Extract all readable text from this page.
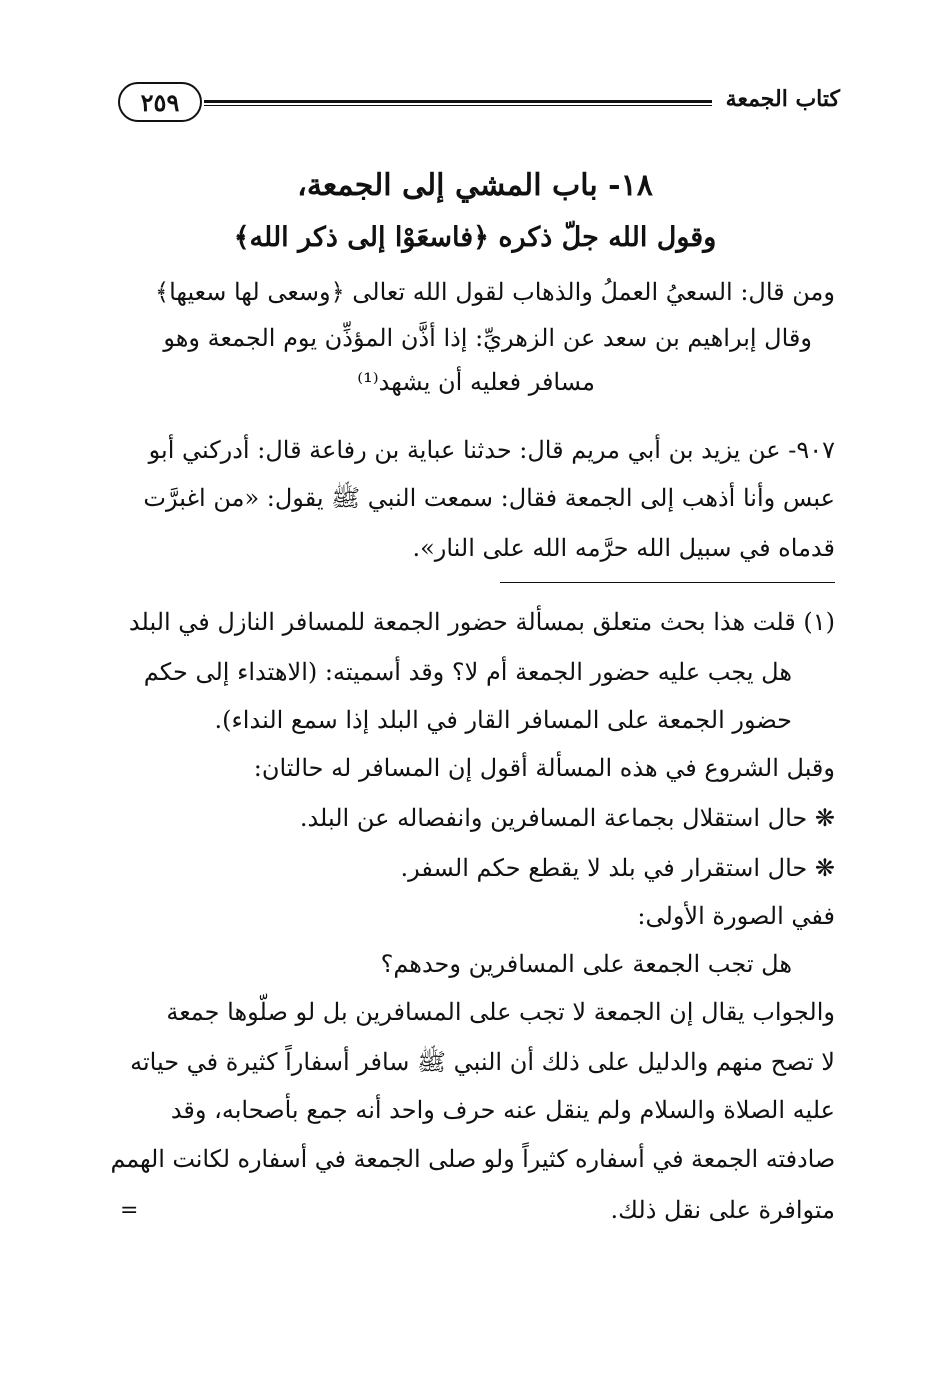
٢٥٩	كتاب الجمعة
١٨- باب المشي إلى الجمعة،
وقول الله جلّ ذكره ﴿فاسعَوْا إلى ذكر الله﴾
ومن قال: السعيُ العملُ والذهاب لقول الله تعالى ﴿وسعى لها سعيها﴾
وقال إبراهيم بن سعد عن الزهريِّ: إذا أذَّن المؤذِّن يوم الجمعة وهو
مسافر فعليه أن يشهد⁽¹⁾
٩٠٧- عن يزيد بن أبي مريم قال: حدثنا عباية بن رفاعة قال: أدركني أبو
عبس وأنا أذهب إلى الجمعة فقال: سمعت النبي ﷺ يقول: «من اغبرَّت
قدماه في سبيل الله حرَّمه الله على النار».
(١) قلت هذا بحث متعلق بمسألة حضور الجمعة للمسافر النازل في البلد
هل يجب عليه حضور الجمعة أم لا؟ وقد أسميته: (الاهتداء إلى حكم
حضور الجمعة على المسافر القار في البلد إذا سمع النداء).
وقبل الشروع في هذه المسألة أقول إن المسافر له حالتان:
❋ حال استقلال بجماعة المسافرين وانفصاله عن البلد.
❋ حال استقرار في بلد لا يقطع حكم السفر.
ففي الصورة الأولى:
هل تجب الجمعة على المسافرين وحدهم؟
والجواب يقال إن الجمعة لا تجب على المسافرين بل لو صلّوها جمعة
لا تصح منهم والدليل على ذلك أن النبي ﷺ سافر أسفاراً كثيرة في حياته
عليه الصلاة والسلام ولم ينقل عنه حرف واحد أنه جمع بأصحابه، وقد
صادفته الجمعة في أسفاره كثيراً ولو صلى الجمعة في أسفاره لكانت الهمم
متوافرة على نقل ذلك.
=
